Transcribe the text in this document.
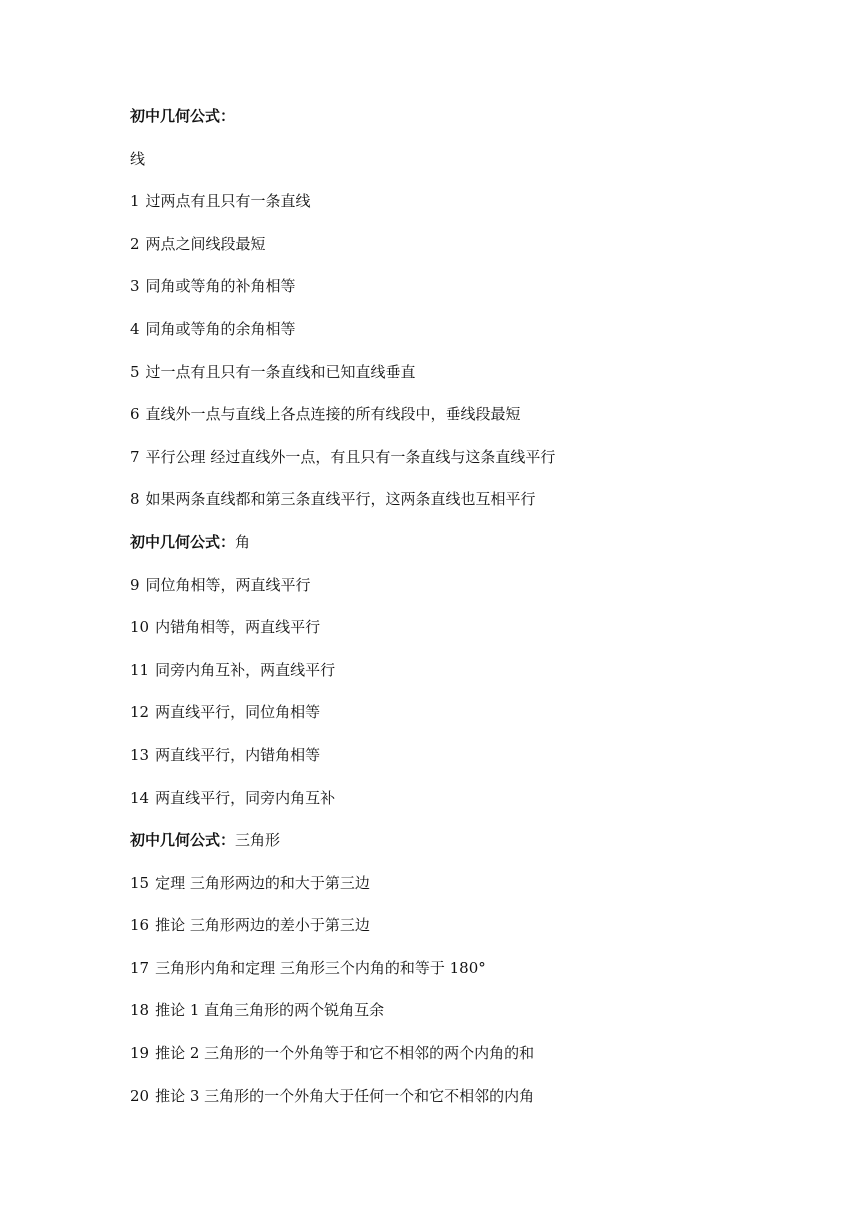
初中几何公式：
线
1 过两点有且只有一条直线
2 两点之间线段最短
3 同角或等角的补角相等
4 同角或等角的余角相等
5 过一点有且只有一条直线和已知直线垂直
6 直线外一点与直线上各点连接的所有线段中，垂线段最短
7 平行公理 经过直线外一点，有且只有一条直线与这条直线平行
8 如果两条直线都和第三条直线平行，这两条直线也互相平行
初中几何公式：角
9 同位角相等，两直线平行
10 内错角相等，两直线平行
11 同旁内角互补，两直线平行
12 两直线平行，同位角相等
13 两直线平行，内错角相等
14 两直线平行，同旁内角互补
初中几何公式：三角形
15 定理 三角形两边的和大于第三边
16 推论 三角形两边的差小于第三边
17 三角形内角和定理 三角形三个内角的和等于 180°
18 推论 1 直角三角形的两个锐角互余
19 推论 2 三角形的一个外角等于和它不相邻的两个内角的和
20 推论 3 三角形的一个外角大于任何一个和它不相邻的内角
